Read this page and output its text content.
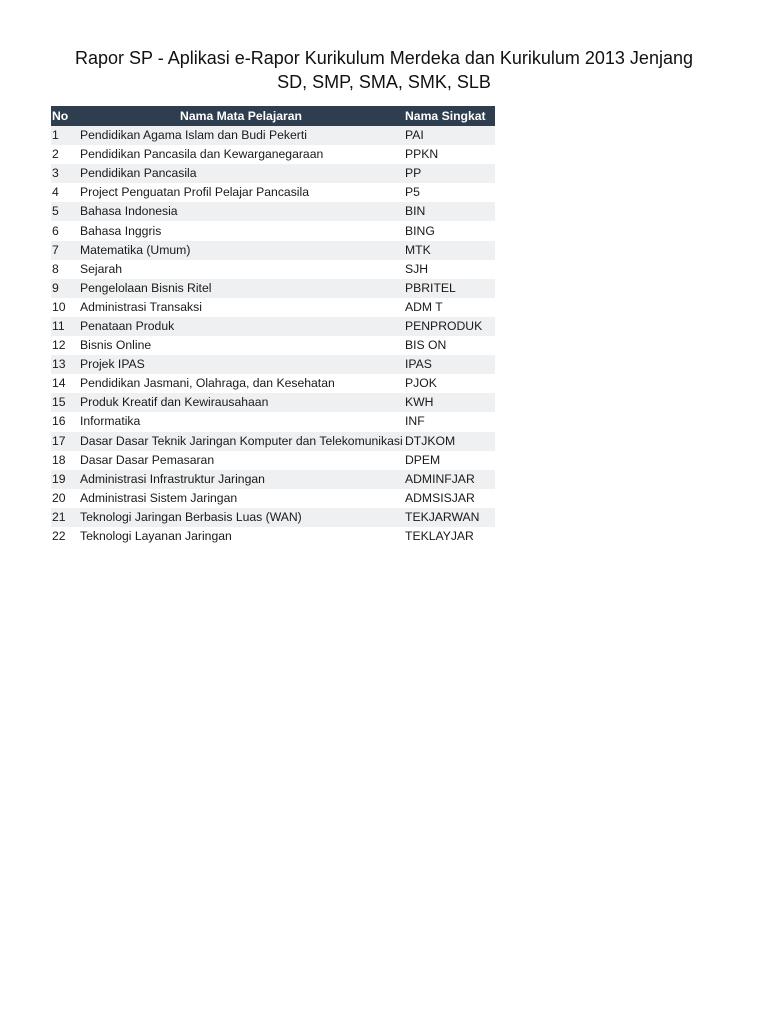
Rapor SP - Aplikasi e-Rapor Kurikulum Merdeka dan Kurikulum 2013 Jenjang
SD, SMP, SMA, SMK, SLB
No	Nama Mata Pelajaran	Nama Singkat
1	Pendidikan Agama Islam dan Budi Pekerti	PAI
2	Pendidikan Pancasila dan Kewarganegaraan	PPKN
3	Pendidikan Pancasila	PP
4	Project Penguatan Profil Pelajar Pancasila	P5
5	Bahasa Indonesia	BIN
6	Bahasa Inggris	BING
7	Matematika (Umum)	MTK
8	Sejarah	SJH
9	Pengelolaan Bisnis Ritel	PBRITEL
10	Administrasi Transaksi	ADM T
11	Penataan Produk	PENPRODUK
12	Bisnis Online	BIS ON
13	Projek IPAS	IPAS
14	Pendidikan Jasmani, Olahraga, dan Kesehatan	PJOK
15	Produk Kreatif dan Kewirausahaan	KWH
16	Informatika	INF
17	Dasar Dasar Teknik Jaringan Komputer dan Telekomunikasi	DTJKOM
18	Dasar Dasar Pemasaran	DPEM
19	Administrasi Infrastruktur Jaringan	ADMINFJAR
20	Administrasi Sistem Jaringan	ADMSISJAR
21	Teknologi Jaringan Berbasis Luas (WAN)	TEKJARWAN
22	Teknologi Layanan Jaringan	TEKLAYJAR
